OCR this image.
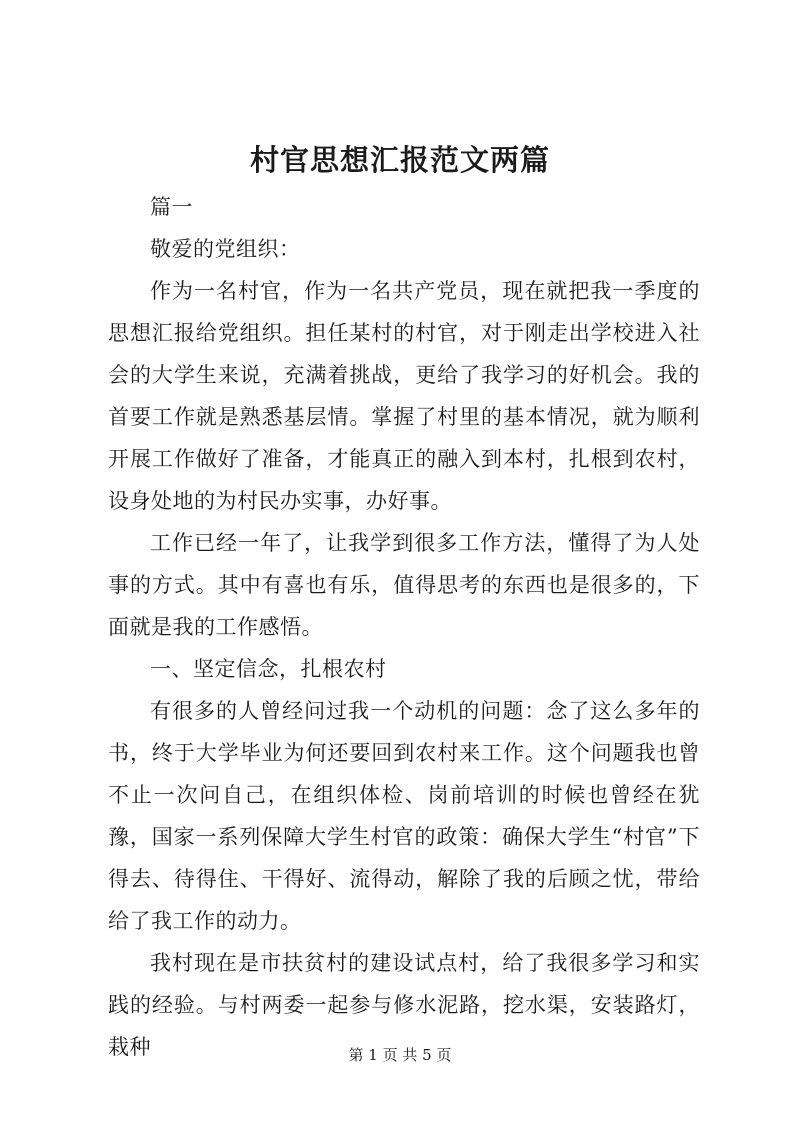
村官思想汇报范文两篇

篇一

敬爱的党组织：

作为一名村官，作为一名共产党员，现在就把我一季度的思想汇报给党组织。担任某村的村官，对于刚走出学校进入社会的大学生来说，充满着挑战，更给了我学习的好机会。我的首要工作就是熟悉基层情。掌握了村里的基本情况，就为顺利开展工作做好了准备，才能真正的融入到本村，扎根到农村，设身处地的为村民办实事，办好事。

工作已经一年了，让我学到很多工作方法，懂得了为人处事的方式。其中有喜也有乐，值得思考的东西也是很多的，下面就是我的工作感悟。

一、坚定信念，扎根农村

有很多的人曾经问过我一个动机的问题：念了这么多年的书，终于大学毕业为何还要回到农村来工作。这个问题我也曾不止一次问自己，在组织体检、岗前培训的时候也曾经在犹豫，国家一系列保障大学生村官的政策：确保大学生“村官”下得去、待得住、干得好、流得动，解除了我的后顾之忧，带给给了我工作的动力。

我村现在是市扶贫村的建设试点村，给了我很多学习和实践的经验。与村两委一起参与修水泥路，挖水渠，安装路灯，栽种	第 1 页 共 5 页
